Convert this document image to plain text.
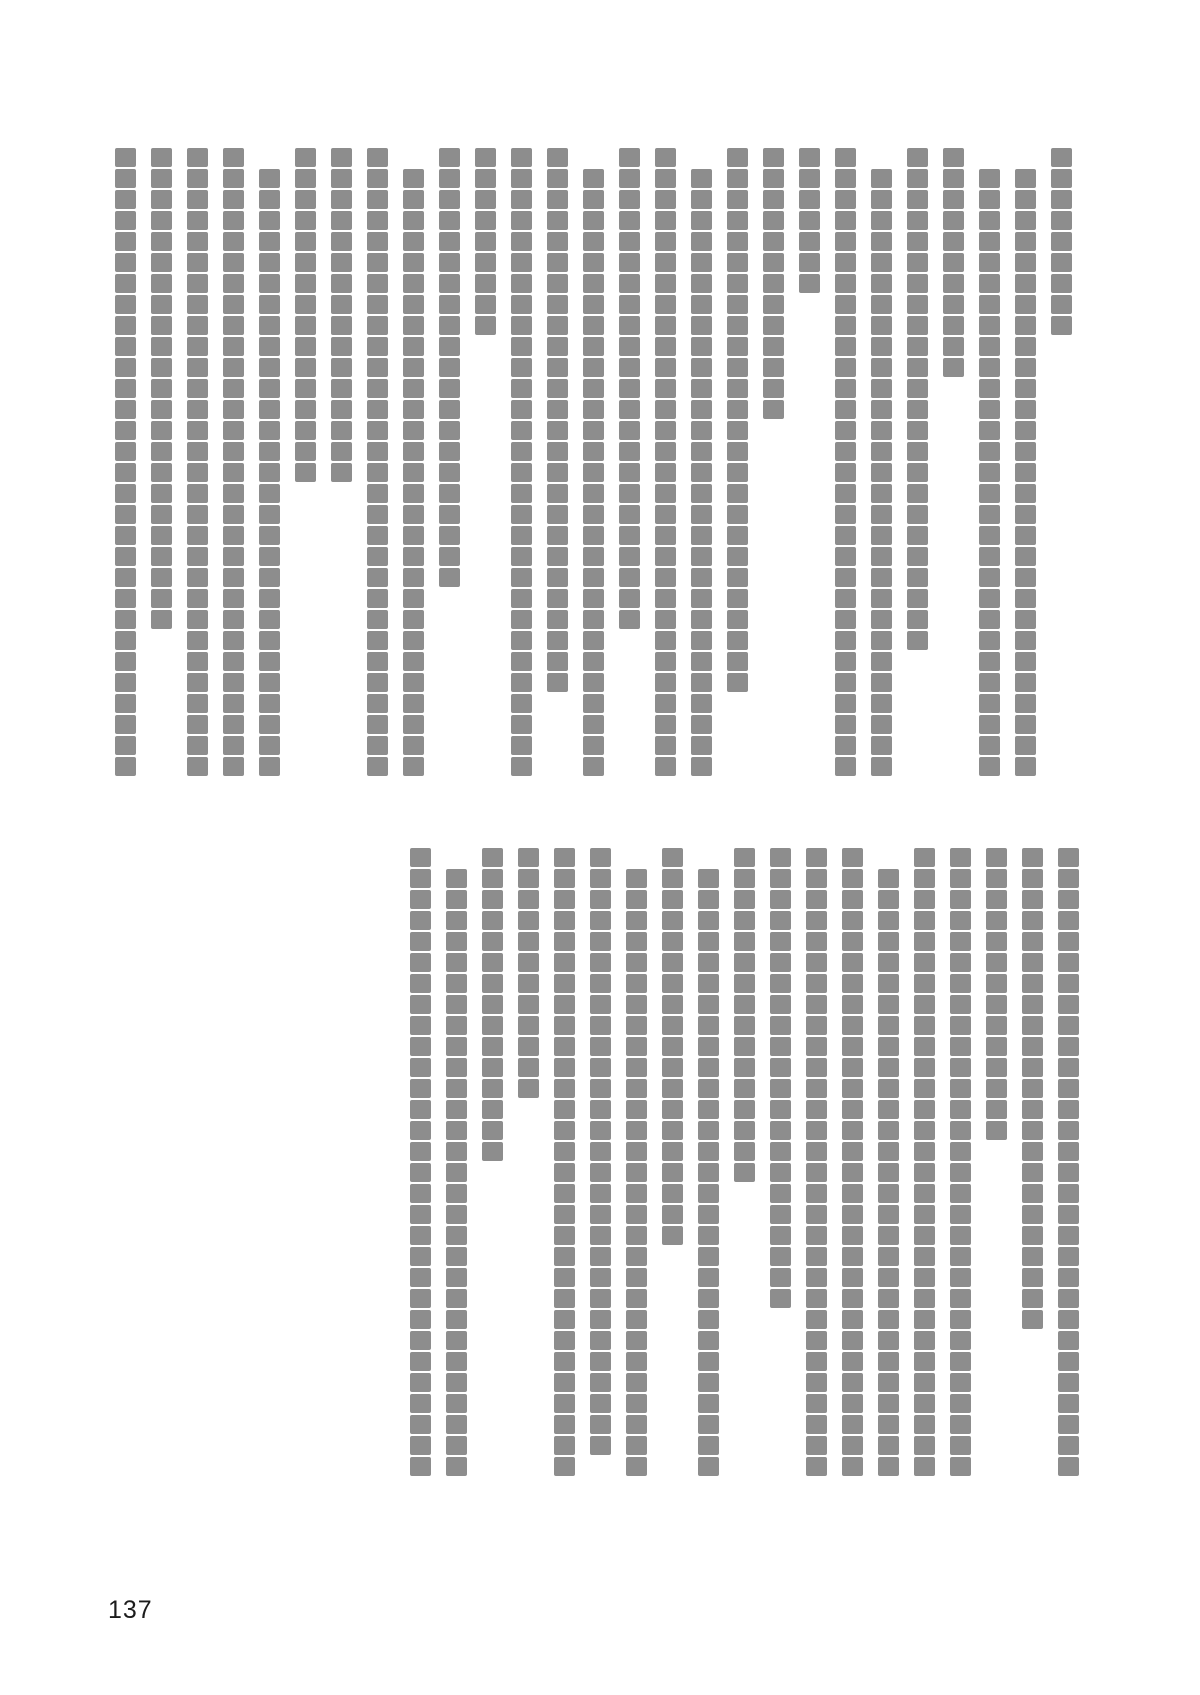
137
